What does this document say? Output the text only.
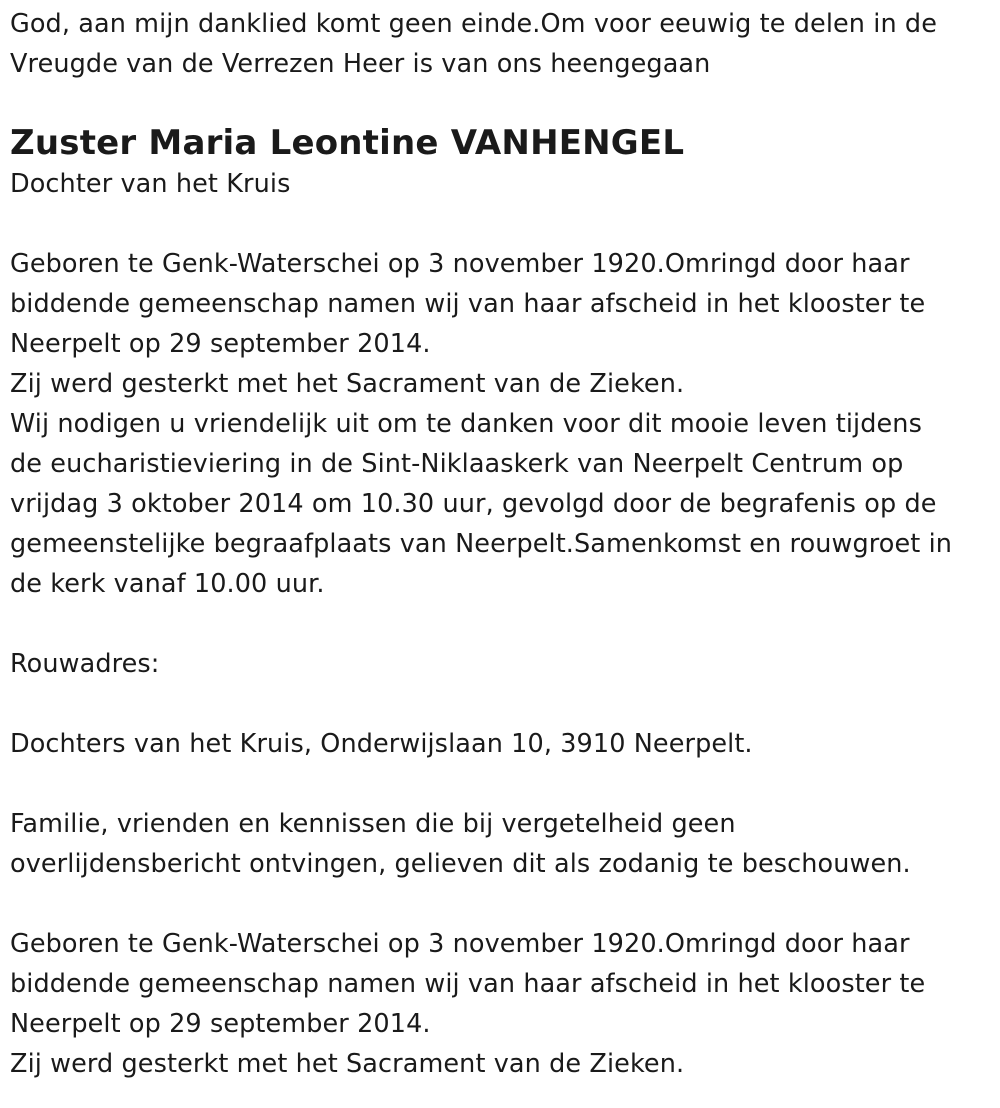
God, aan mijn danklied komt geen einde.Om voor eeuwig te delen in de
Vreugde van de Verrezen Heer is van ons heengegaan
Zuster Maria Leontine VANHENGEL
Dochter van het Kruis
Geboren te Genk-Waterschei op 3 november 1920.Omringd door haar
biddende gemeenschap namen wij van haar afscheid in het klooster te
Neerpelt op 29 september 2014.
Zij werd gesterkt met het Sacrament van de Zieken.
Wij nodigen u vriendelijk uit om te danken voor dit mooie leven tijdens
de eucharistieviering in de Sint-Niklaaskerk van Neerpelt Centrum op
vrijdag 3 oktober 2014 om 10.30 uur, gevolgd door de begrafenis op de
gemeenstelijke begraafplaats van Neerpelt.Samenkomst en rouwgroet in
de kerk vanaf 10.00 uur.
Rouwadres:
Dochters van het Kruis, Onderwijslaan 10, 3910 Neerpelt.
Familie, vrienden en kennissen die bij vergetelheid geen
overlijdensbericht ontvingen, gelieven dit als zodanig te beschouwen.
Geboren te Genk-Waterschei op 3 november 1920.Omringd door haar
biddende gemeenschap namen wij van haar afscheid in het klooster te
Neerpelt op 29 september 2014.
Zij werd gesterkt met het Sacrament van de Zieken.
